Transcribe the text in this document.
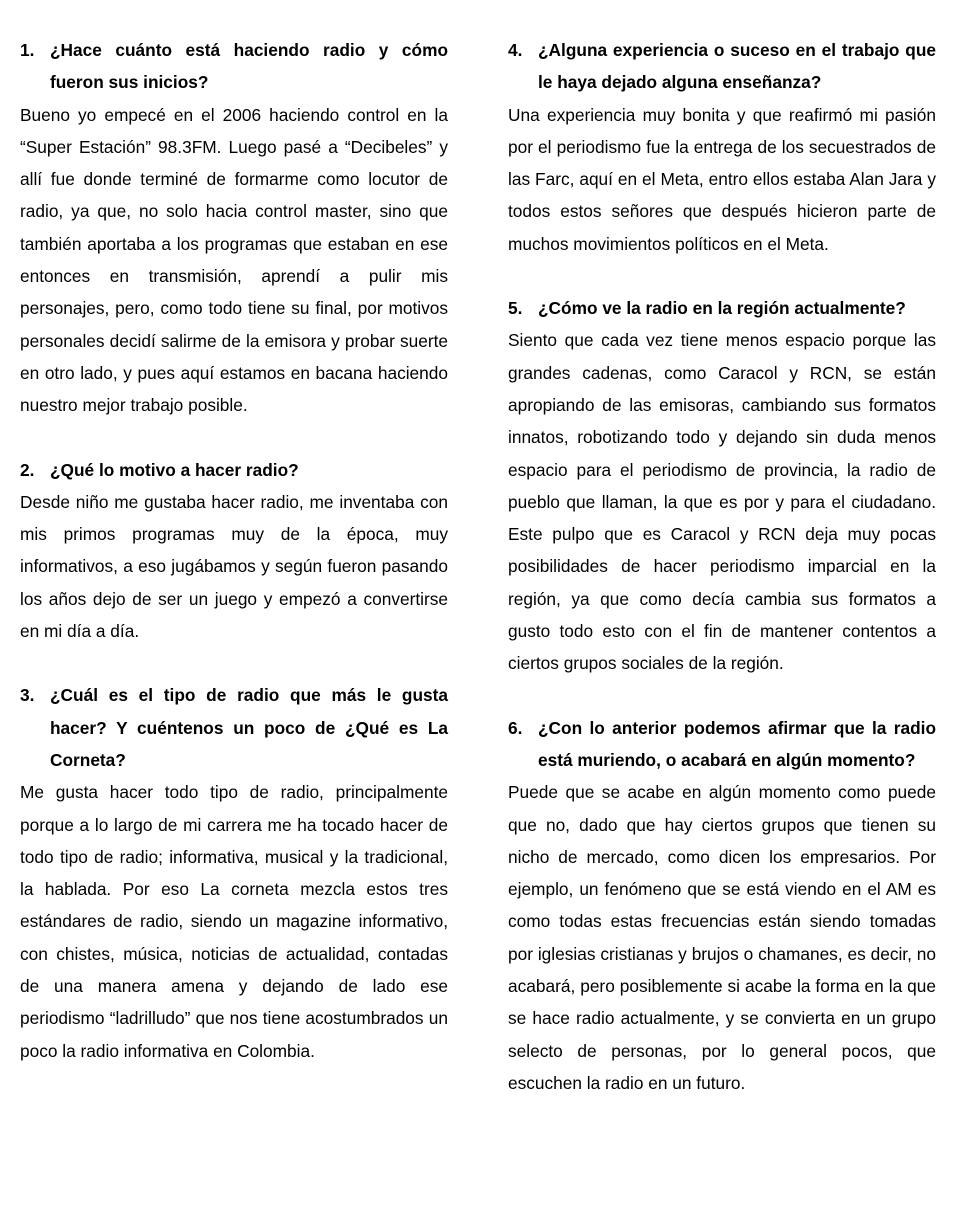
1. ¿Hace cuánto está haciendo radio y cómo fueron sus inicios?

Bueno yo empecé en el 2006 haciendo control en la “Super Estación” 98.3FM. Luego pasé a “Decibeles” y allí fue donde terminé de formarme como locutor de radio, ya que, no solo hacia control master, sino que también aportaba a los programas que estaban en ese entonces en transmisión, aprendí a pulir mis personajes, pero, como todo tiene su final, por motivos personales decidí salirme de la emisora y probar suerte en otro lado, y pues aquí estamos en bacana haciendo nuestro mejor trabajo posible.

2. ¿Qué lo motivo a hacer radio?

Desde niño me gustaba hacer radio, me inventaba con mis primos programas muy de la época, muy informativos, a eso jugábamos y según fueron pasando los años dejo de ser un juego y empezó a convertirse en mi día a día.

3. ¿Cuál es el tipo de radio que más le gusta hacer? Y cuéntenos un poco de ¿Qué es La Corneta?

Me gusta hacer todo tipo de radio, principalmente porque a lo largo de mi carrera me ha tocado hacer de todo tipo de radio; informativa, musical y la tradicional, la hablada. Por eso La corneta mezcla estos tres estándares de radio, siendo un magazine informativo, con chistes, música, noticias de actualidad, contadas de una manera amena y dejando de lado ese periodismo “ladrilludo” que nos tiene acostumbrados un poco la radio informativa en Colombia.

4. ¿Alguna experiencia o suceso en el trabajo que le haya dejado alguna enseñanza?

Una experiencia muy bonita y que reafirmó mi pasión por el periodismo fue la entrega de los secuestrados de las Farc, aquí en el Meta, entro ellos estaba Alan Jara y todos estos señores que después hicieron parte de muchos movimientos políticos en el Meta.

5. ¿Cómo ve la radio en la región actualmente?

Siento que cada vez tiene menos espacio porque las grandes cadenas, como Caracol y RCN, se están apropiando de las emisoras, cambiando sus formatos innatos, robotizando todo y dejando sin duda menos espacio para el periodismo de provincia, la radio de pueblo que llaman, la que es por y para el ciudadano. Este pulpo que es Caracol y RCN deja muy pocas posibilidades de hacer periodismo imparcial en la región, ya que como decía cambia sus formatos a gusto todo esto con el fin de mantener contentos a ciertos grupos sociales de la región.

6. ¿Con lo anterior podemos afirmar que la radio está muriendo, o acabará en algún momento?

Puede que se acabe en algún momento como puede que no, dado que hay ciertos grupos que tienen su nicho de mercado, como dicen los empresarios. Por ejemplo, un fenómeno que se está viendo en el AM es como todas estas frecuencias están siendo tomadas por iglesias cristianas y brujos o chamanes, es decir, no acabará, pero posiblemente si acabe la forma en la que se hace radio actualmente, y se convierta en un grupo selecto de personas, por lo general pocos, que escuchen la radio en un futuro.
